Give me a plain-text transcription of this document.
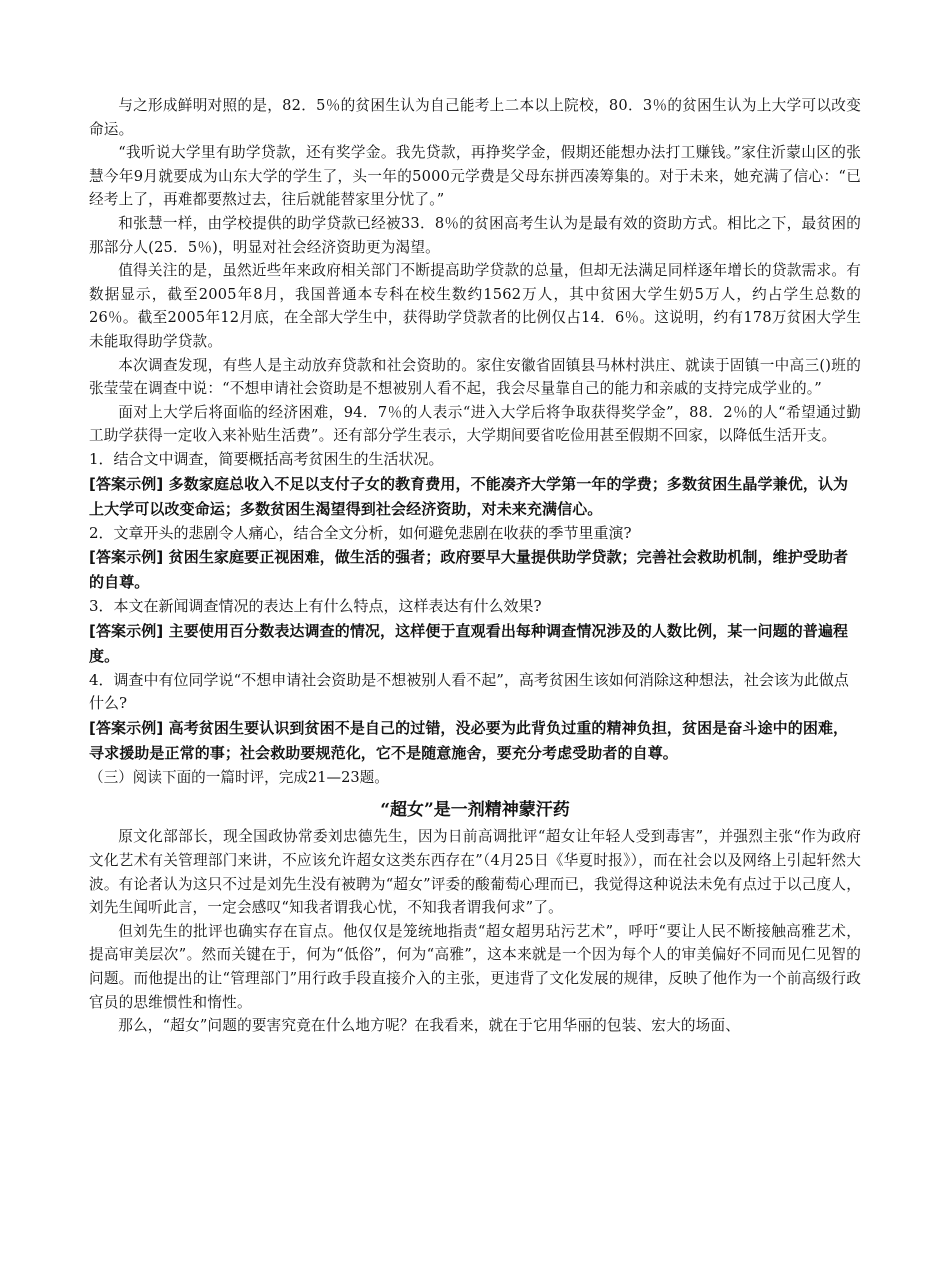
与之形成鲜明对照的是，82．5％的贫困生认为自己能考上二本以上院校，80．3％的贫困生认为上大学可以改变命运。

“我听说大学里有助学贷款，还有奖学金。我先贷款，再挣奖学金，假期还能想办法打工赚钱。”家住沂蒙山区的张慧今年9月就要成为山东大学的学生了，头一年的5000元学费是父母东拼西凑筹集的。对于未来，她充满了信心：“已经考上了，再难都要熬过去，往后就能替家里分忧了。”

和张慧一样，由学校提供的助学贷款已经被33．8％的贫困高考生认为是最有效的资助方式。相比之下，最贫困的那部分人(25．5％)，明显对社会经济资助更为渴望。

值得关注的是，虽然近些年来政府相关部门不断提高助学贷款的总量，但却无法满足同样逐年增长的贷款需求。有数据显示，截至2005年8月，我国普通本专科在校生数约1562万人，其中贫困大学生奶5万人，约占学生总数的26％。截至2005年12月底，在全部大学生中，获得助学贷款者的比例仅占14．6％。这说明，约有178万贫困大学生未能取得助学贷款。

本次调查发现，有些人是主动放弃贷款和社会资助的。家住安徽省固镇县马林村洪庄、就读于固镇一中高三()班的张莹莹在调查中说：“不想申请社会资助是不想被别人看不起，我会尽量靠自己的能力和亲戚的支持完成学业的。”

面对上大学后将面临的经济困难，94．7％的人表示“进入大学后将争取获得奖学金”，88．2％的人“希望通过勤工助学获得一定收入来补贴生活费”。还有部分学生表示，大学期间要省吃俭用甚至假期不回家，以降低生活开支。

1．结合文中调查，简要概括高考贫困生的生活状况。

[答案示例] 多数家庭总收入不足以支付子女的教育费用，不能凑齐大学第一年的学费；多数贫困生晶学兼优，认为上大学可以改变命运；多数贫困生渴望得到社会经济资助，对未来充满信心。

2．文章开头的悲剧令人痛心，结合全文分析，如何避免悲剧在收获的季节里重演?

[答案示例] 贫困生家庭要正视困难，做生活的强者；政府要早大量提供助学贷款；完善社会救助机制，维护受助者的自尊。

3．本文在新闻调查情况的表达上有什么特点，这样表达有什么效果?

[答案示例] 主要使用百分数表达调查的情况，这样便于直观看出每种调查情况涉及的人数比例，某一问题的普遍程度。

4．调查中有位同学说“不想申请社会资助是不想被别人看不起”，高考贫困生该如何消除这种想法，社会该为此做点什么?

[答案示例] 高考贫困生要认识到贫困不是自己的过错，没必要为此背负过重的精神负担，贫困是奋斗途中的困难，寻求援助是正常的事；社会救助要规范化，它不是随意施舍，要充分考虑受助者的自尊。

（三）阅读下面的一篇时评，完成21—23题。

“超女”是一剂精神蒙汗药

原文化部部长，现全国政协常委刘忠德先生，因为日前高调批评“超女让年轻人受到毒害”，并强烈主张“作为政府文化艺术有关管理部门来讲，不应该允许超女这类东西存在”（4月25日《华夏时报》），而在社会以及网络上引起轩然大波。有论者认为这只不过是刘先生没有被聘为“超女”评委的酸葡萄心理而已，我觉得这种说法未免有点过于以己度人，刘先生闻听此言，一定会感叹“知我者谓我心忧，不知我者谓我何求”了。

但刘先生的批评也确实存在盲点。他仅仅是笼统地指责“超女超男玷污艺术”，呼吁“要让人民不断接触高雅艺术，提高审美层次”。然而关键在于，何为“低俗”，何为“高雅”，这本来就是一个因为每个人的审美偏好不同而见仁见智的问题。而他提出的让“管理部门”用行政手段直接介入的主张，更违背了文化发展的规律，反映了他作为一个前高级行政官员的思维惯性和惰性。

那么，“超女”问题的要害究竟在什么地方呢？在我看来，就在于它用华丽的包装、宏大的场面、
